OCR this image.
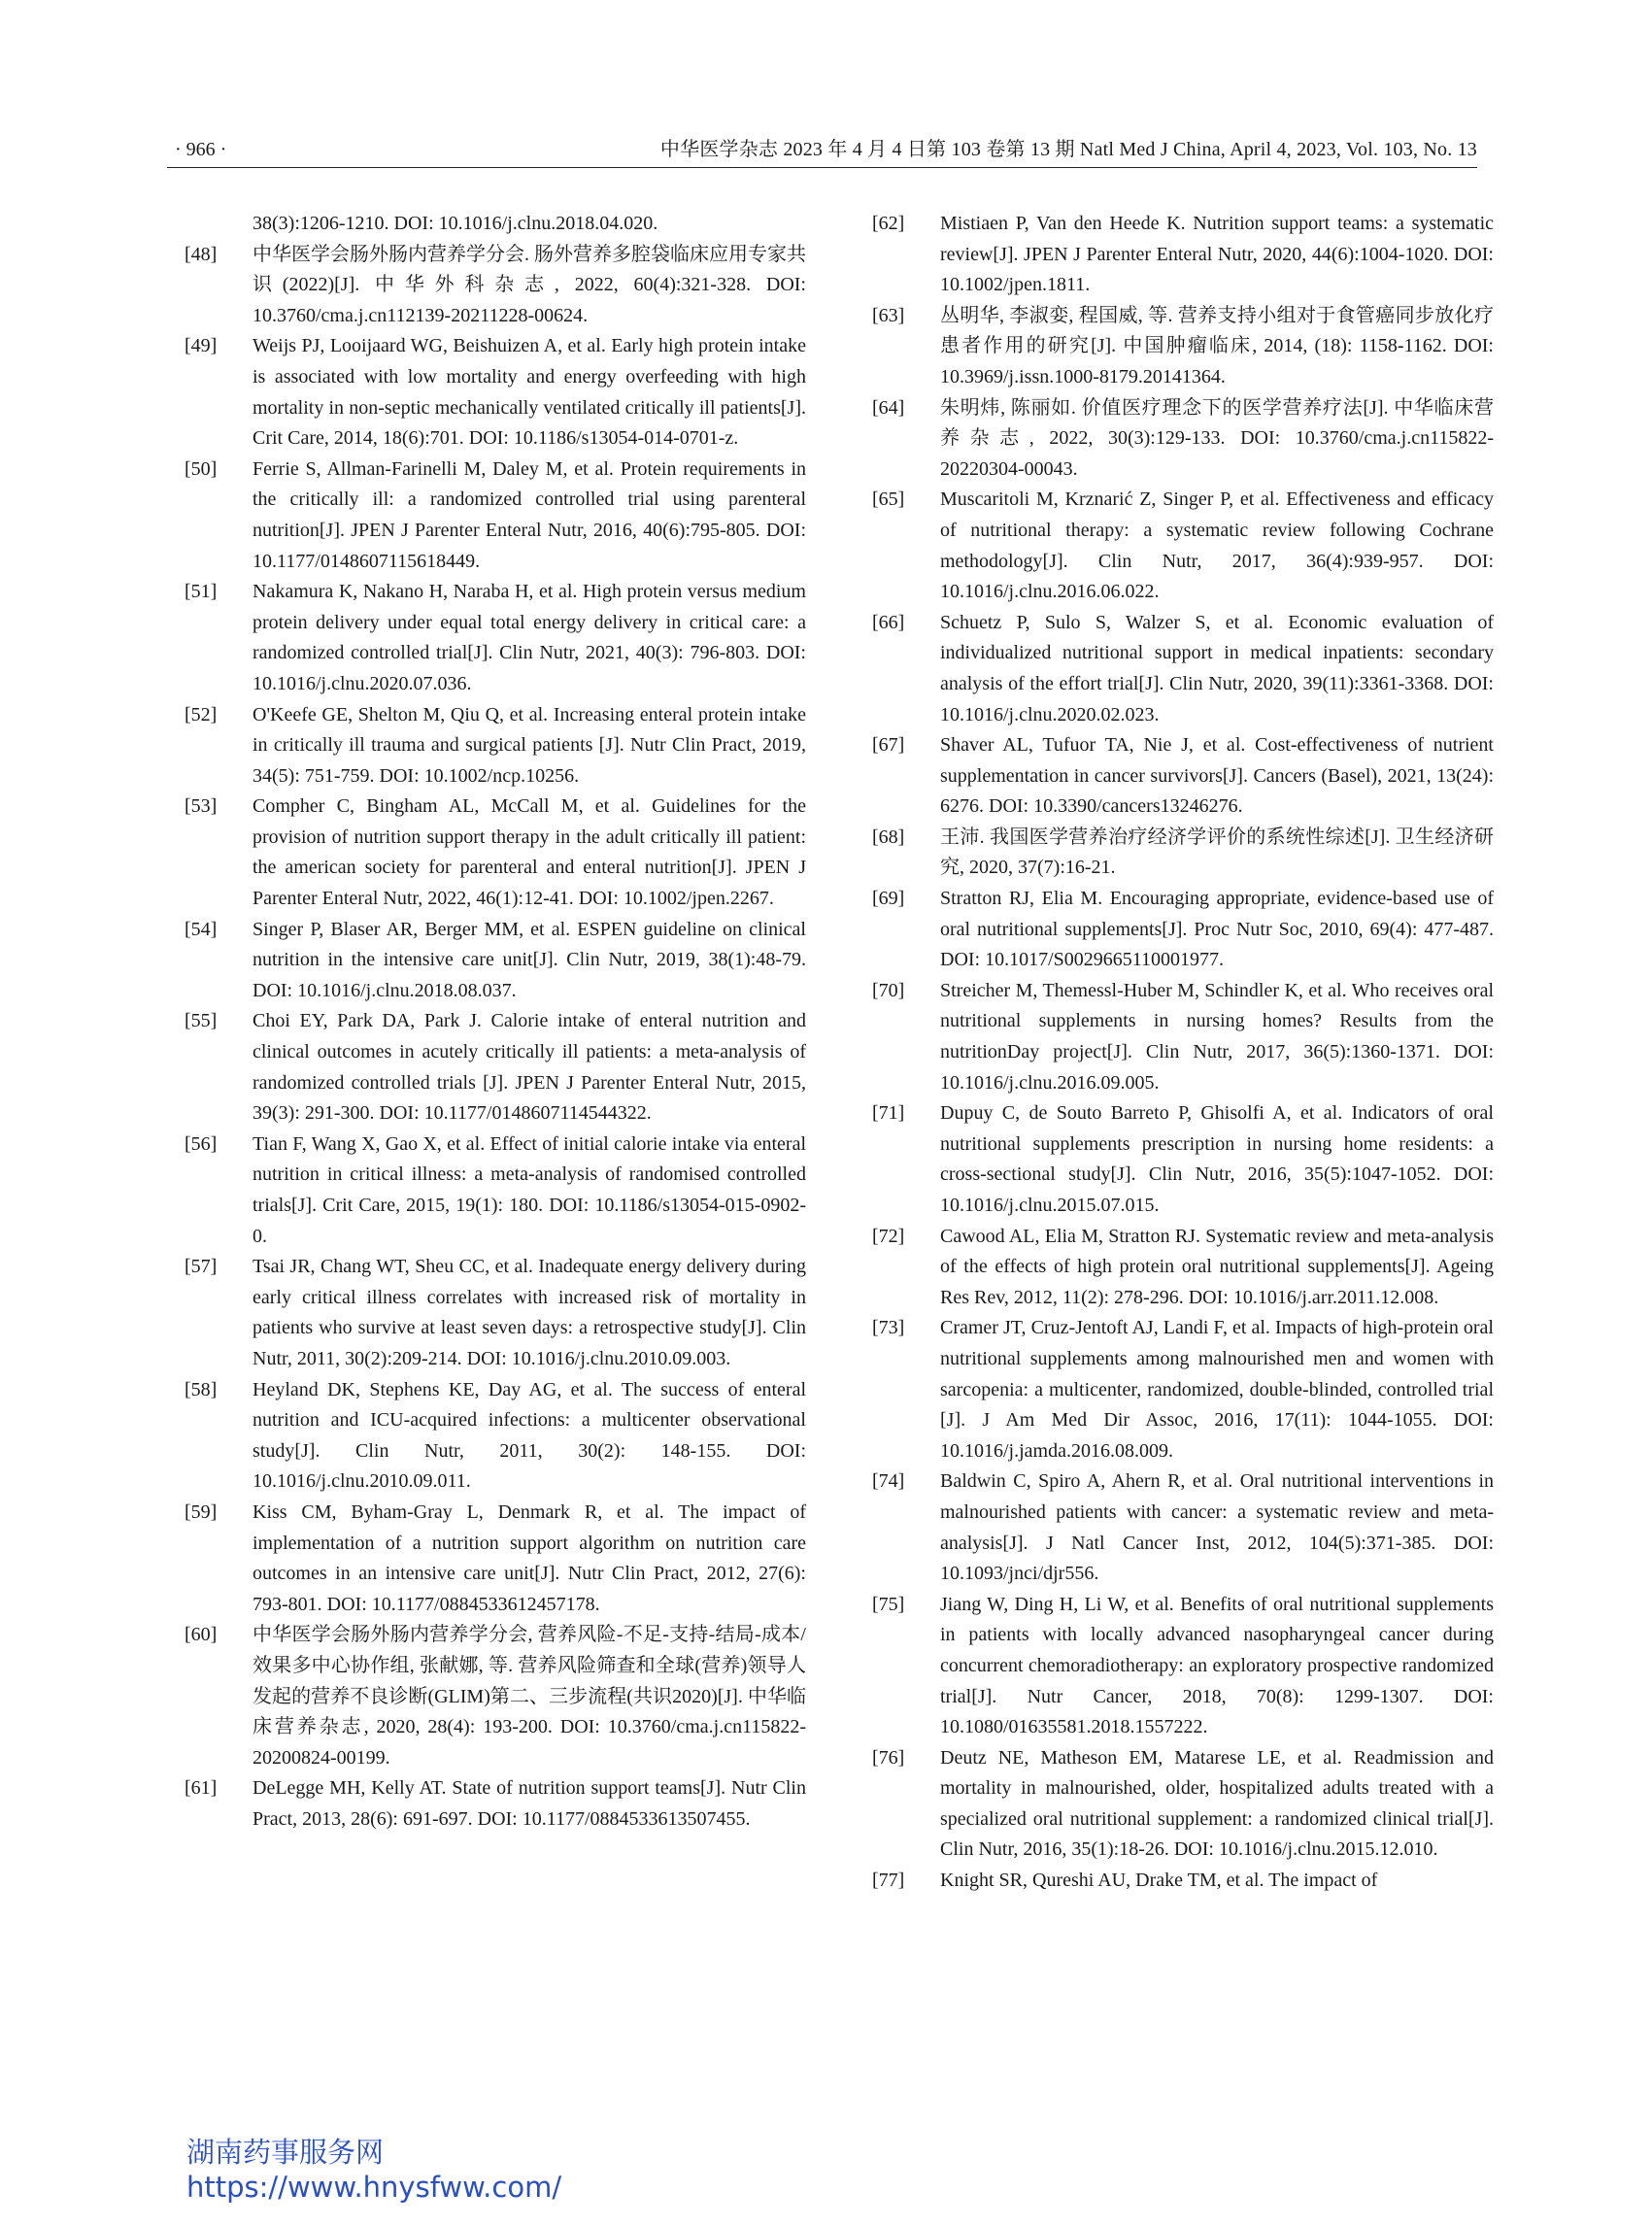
· 966 ·	中华医学杂志 2023 年 4 月 4 日第 103 卷第 13 期 Natl Med J China, April 4, 2023, Vol. 103, No. 13
38(3):1206-1210. DOI: 10.1016/j.clnu.2018.04.020.
[48]	中华医学会肠外肠内营养学分会. 肠外营养多腔袋临床应用专家共识(2022)[J]. 中华外科杂志, 2022, 60(4):321-328. DOI: 10.3760/cma.j.cn112139-20211228-00624.
[49]	Weijs PJ, Looijaard WG, Beishuizen A, et al. Early high protein intake is associated with low mortality and energy overfeeding with high mortality in non-septic mechanically ventilated critically ill patients[J]. Crit Care, 2014, 18(6):701. DOI: 10.1186/s13054-014-0701-z.
[50]	Ferrie S, Allman-Farinelli M, Daley M, et al. Protein requirements in the critically ill: a randomized controlled trial using parenteral nutrition[J]. JPEN J Parenter Enteral Nutr, 2016, 40(6):795-805. DOI: 10.1177/0148607115618449.
[51]	Nakamura K, Nakano H, Naraba H, et al. High protein versus medium protein delivery under equal total energy delivery in critical care: a randomized controlled trial[J]. Clin Nutr, 2021, 40(3): 796-803. DOI: 10.1016/j.clnu.2020.07.036.
[52]	O'Keefe GE, Shelton M, Qiu Q, et al. Increasing enteral protein intake in critically ill trauma and surgical patients [J]. Nutr Clin Pract, 2019, 34(5): 751-759. DOI: 10.1002/ncp.10256.
[53]	Compher C, Bingham AL, McCall M, et al. Guidelines for the provision of nutrition support therapy in the adult critically ill patient: the american society for parenteral and enteral nutrition[J]. JPEN J Parenter Enteral Nutr, 2022, 46(1):12-41. DOI: 10.1002/jpen.2267.
[54]	Singer P, Blaser AR, Berger MM, et al. ESPEN guideline on clinical nutrition in the intensive care unit[J]. Clin Nutr, 2019, 38(1):48-79. DOI: 10.1016/j.clnu.2018.08.037.
[55]	Choi EY, Park DA, Park J. Calorie intake of enteral nutrition and clinical outcomes in acutely critically ill patients: a meta-analysis of randomized controlled trials [J]. JPEN J Parenter Enteral Nutr, 2015, 39(3): 291-300. DOI: 10.1177/0148607114544322.
[56]	Tian F, Wang X, Gao X, et al. Effect of initial calorie intake via enteral nutrition in critical illness: a meta-analysis of randomised controlled trials[J]. Crit Care, 2015, 19(1): 180. DOI: 10.1186/s13054-015-0902-0.
[57]	Tsai JR, Chang WT, Sheu CC, et al. Inadequate energy delivery during early critical illness correlates with increased risk of mortality in patients who survive at least seven days: a retrospective study[J]. Clin Nutr, 2011, 30(2):209-214. DOI: 10.1016/j.clnu.2010.09.003.
[58]	Heyland DK, Stephens KE, Day AG, et al. The success of enteral nutrition and ICU-acquired infections: a multicenter observational study[J]. Clin Nutr, 2011, 30(2): 148-155. DOI: 10.1016/j.clnu.2010.09.011.
[59]	Kiss CM, Byham-Gray L, Denmark R, et al. The impact of implementation of a nutrition support algorithm on nutrition care outcomes in an intensive care unit[J]. Nutr Clin Pract, 2012, 27(6): 793-801. DOI: 10.1177/0884533612457178.
[60]	中华医学会肠外肠内营养学分会, 营养风险-不足-支持-结局-成本/效果多中心协作组, 张献娜, 等. 营养风险筛查和全球(营养)领导人发起的营养不良诊断(GLIM)第二、三步流程(共识2020)[J]. 中华临床营养杂志, 2020, 28(4): 193-200. DOI: 10.3760/cma.j.cn115822-20200824-00199.
[61]	DeLegge MH, Kelly AT. State of nutrition support teams[J]. Nutr Clin Pract, 2013, 28(6): 691-697. DOI: 10.1177/0884533613507455.
[62]	Mistiaen P, Van den Heede K. Nutrition support teams: a systematic review[J]. JPEN J Parenter Enteral Nutr, 2020, 44(6):1004-1020. DOI: 10.1002/jpen.1811.
[63]	丛明华, 李淑娈, 程国威, 等. 营养支持小组对于食管癌同步放化疗患者作用的研究[J]. 中国肿瘤临床, 2014, (18): 1158-1162. DOI: 10.3969/j.issn.1000-8179.20141364.
[64]	朱明炜, 陈丽如. 价值医疗理念下的医学营养疗法[J]. 中华临床营养杂志, 2022, 30(3):129-133. DOI: 10.3760/cma.j.cn115822-20220304-00043.
[65]	Muscaritoli M, Krznarić Z, Singer P, et al. Effectiveness and efficacy of nutritional therapy: a systematic review following Cochrane methodology[J]. Clin Nutr, 2017, 36(4):939-957. DOI: 10.1016/j.clnu.2016.06.022.
[66]	Schuetz P, Sulo S, Walzer S, et al. Economic evaluation of individualized nutritional support in medical inpatients: secondary analysis of the effort trial[J]. Clin Nutr, 2020, 39(11):3361-3368. DOI: 10.1016/j.clnu.2020.02.023.
[67]	Shaver AL, Tufuor TA, Nie J, et al. Cost-effectiveness of nutrient supplementation in cancer survivors[J]. Cancers (Basel), 2021, 13(24): 6276. DOI: 10.3390/cancers13246276.
[68]	王沛. 我国医学营养治疗经济学评价的系统性综述[J]. 卫生经济研究, 2020, 37(7):16-21.
[69]	Stratton RJ, Elia M. Encouraging appropriate, evidence-based use of oral nutritional supplements[J]. Proc Nutr Soc, 2010, 69(4): 477-487. DOI: 10.1017/S0029665110001977.
[70]	Streicher M, Themessl-Huber M, Schindler K, et al. Who receives oral nutritional supplements in nursing homes? Results from the nutritionDay project[J]. Clin Nutr, 2017, 36(5):1360-1371. DOI: 10.1016/j.clnu.2016.09.005.
[71]	Dupuy C, de Souto Barreto P, Ghisolfi A, et al. Indicators of oral nutritional supplements prescription in nursing home residents: a cross-sectional study[J]. Clin Nutr, 2016, 35(5):1047-1052. DOI: 10.1016/j.clnu.2015.07.015.
[72]	Cawood AL, Elia M, Stratton RJ. Systematic review and meta-analysis of the effects of high protein oral nutritional supplements[J]. Ageing Res Rev, 2012, 11(2): 278-296. DOI: 10.1016/j.arr.2011.12.008.
[73]	Cramer JT, Cruz-Jentoft AJ, Landi F, et al. Impacts of high-protein oral nutritional supplements among malnourished men and women with sarcopenia: a multicenter, randomized, double-blinded, controlled trial [J]. J Am Med Dir Assoc, 2016, 17(11): 1044-1055. DOI: 10.1016/j.jamda.2016.08.009.
[74]	Baldwin C, Spiro A, Ahern R, et al. Oral nutritional interventions in malnourished patients with cancer: a systematic review and meta-analysis[J]. J Natl Cancer Inst, 2012, 104(5):371-385. DOI: 10.1093/jnci/djr556.
[75]	Jiang W, Ding H, Li W, et al. Benefits of oral nutritional supplements in patients with locally advanced nasopharyngeal cancer during concurrent chemoradiotherapy: an exploratory prospective randomized trial[J]. Nutr Cancer, 2018, 70(8): 1299-1307. DOI: 10.1080/01635581.2018.1557222.
[76]	Deutz NE, Matheson EM, Matarese LE, et al. Readmission and mortality in malnourished, older, hospitalized adults treated with a specialized oral nutritional supplement: a randomized clinical trial[J]. Clin Nutr, 2016, 35(1):18-26. DOI: 10.1016/j.clnu.2015.12.010.
[77]	Knight SR, Qureshi AU, Drake TM, et al. The impact of
湖南药事服务网
https://www.hnysfww.com/
